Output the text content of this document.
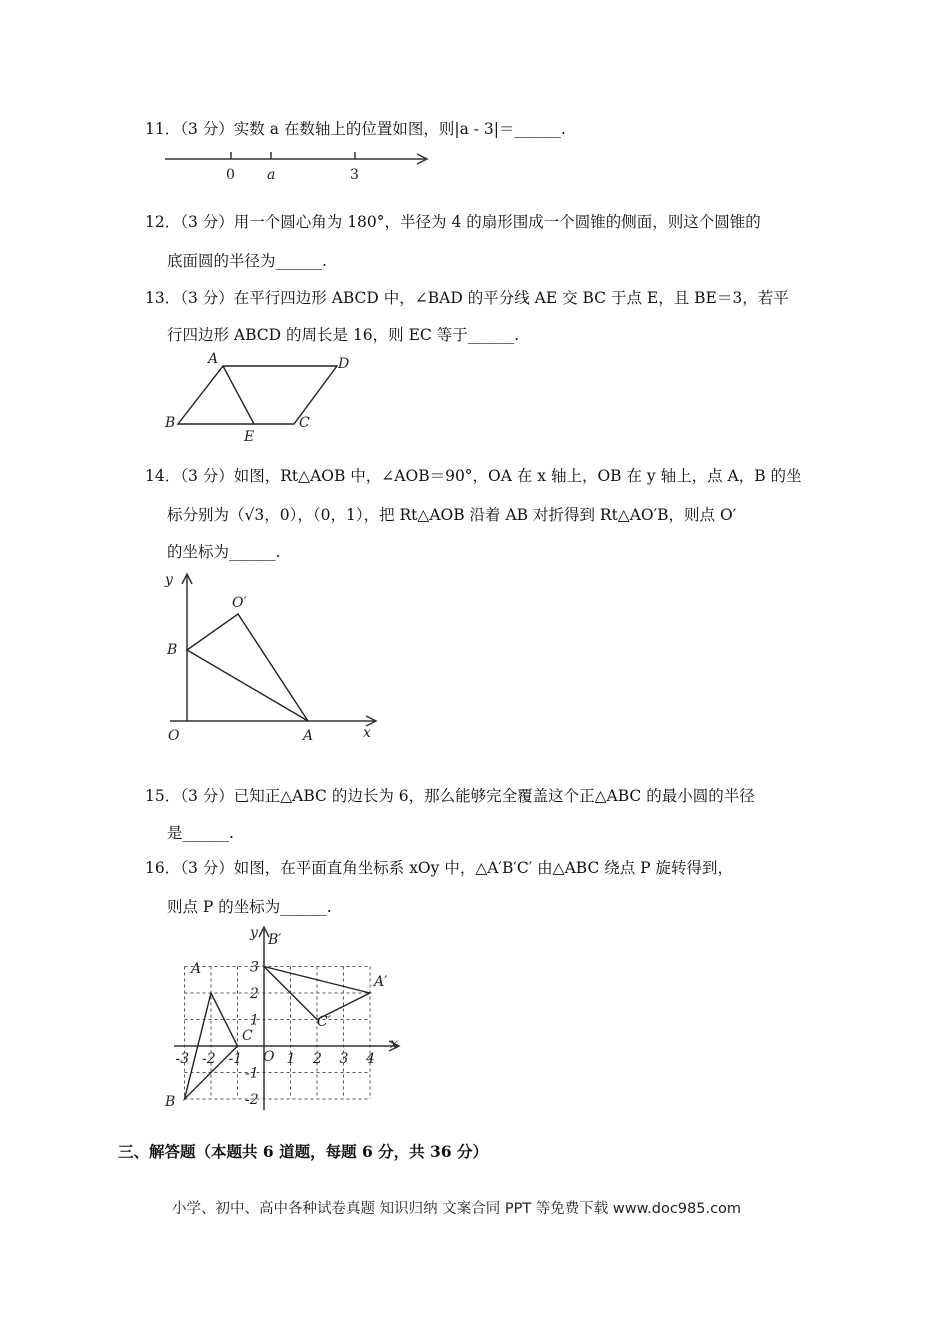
11．（3 分）实数 a 在数轴上的位置如图，则|a - 3|＝______.
0 a	3
12．（3 分）用一个圆心角为 180°，半径为 4 的扇形围成一个圆锥的侧面，则这个圆锥的
底面圆的半径为______.
13．（3 分）在平行四边形 ABCD 中，∠BAD 的平分线 AE 交 BC 于点 E，且 BE＝3，若平
行四边形 ABCD 的周长是 16，则 EC 等于______.
A	D
B
E
C
14．（3 分）如图，Rt△AOB 中，∠AOB＝90°，OA 在 x 轴上，OB 在 y 轴上，点 A，B 的坐
标分别为（√3，0），（0，1），把 Rt△AOB 沿着 AB 对折得到 Rt△AO′B，则点 O′
的坐标为______.
y
O′
B
O	A	x
15．（3 分）已知正△ABC 的边长为 6，那么能够完全覆盖这个正△ABC 的最小圆的半径
是______.
16．（3 分）如图，在平面直角坐标系 xOy 中，△A′B′C′ 由△ABC 绕点 P 旋转得到，
则点 P 的坐标为______.
-3 -2 -1	1 2 3 4
3
2
1
-1
-2
y B′
A
A′
C′
C
O
x
B
三、解答题（本题共 6 道题，每题 6 分，共 36 分）
小学、初中、高中各种试卷真题 知识归纳 文案合同 PPT 等免费下载 www.doc985.com
